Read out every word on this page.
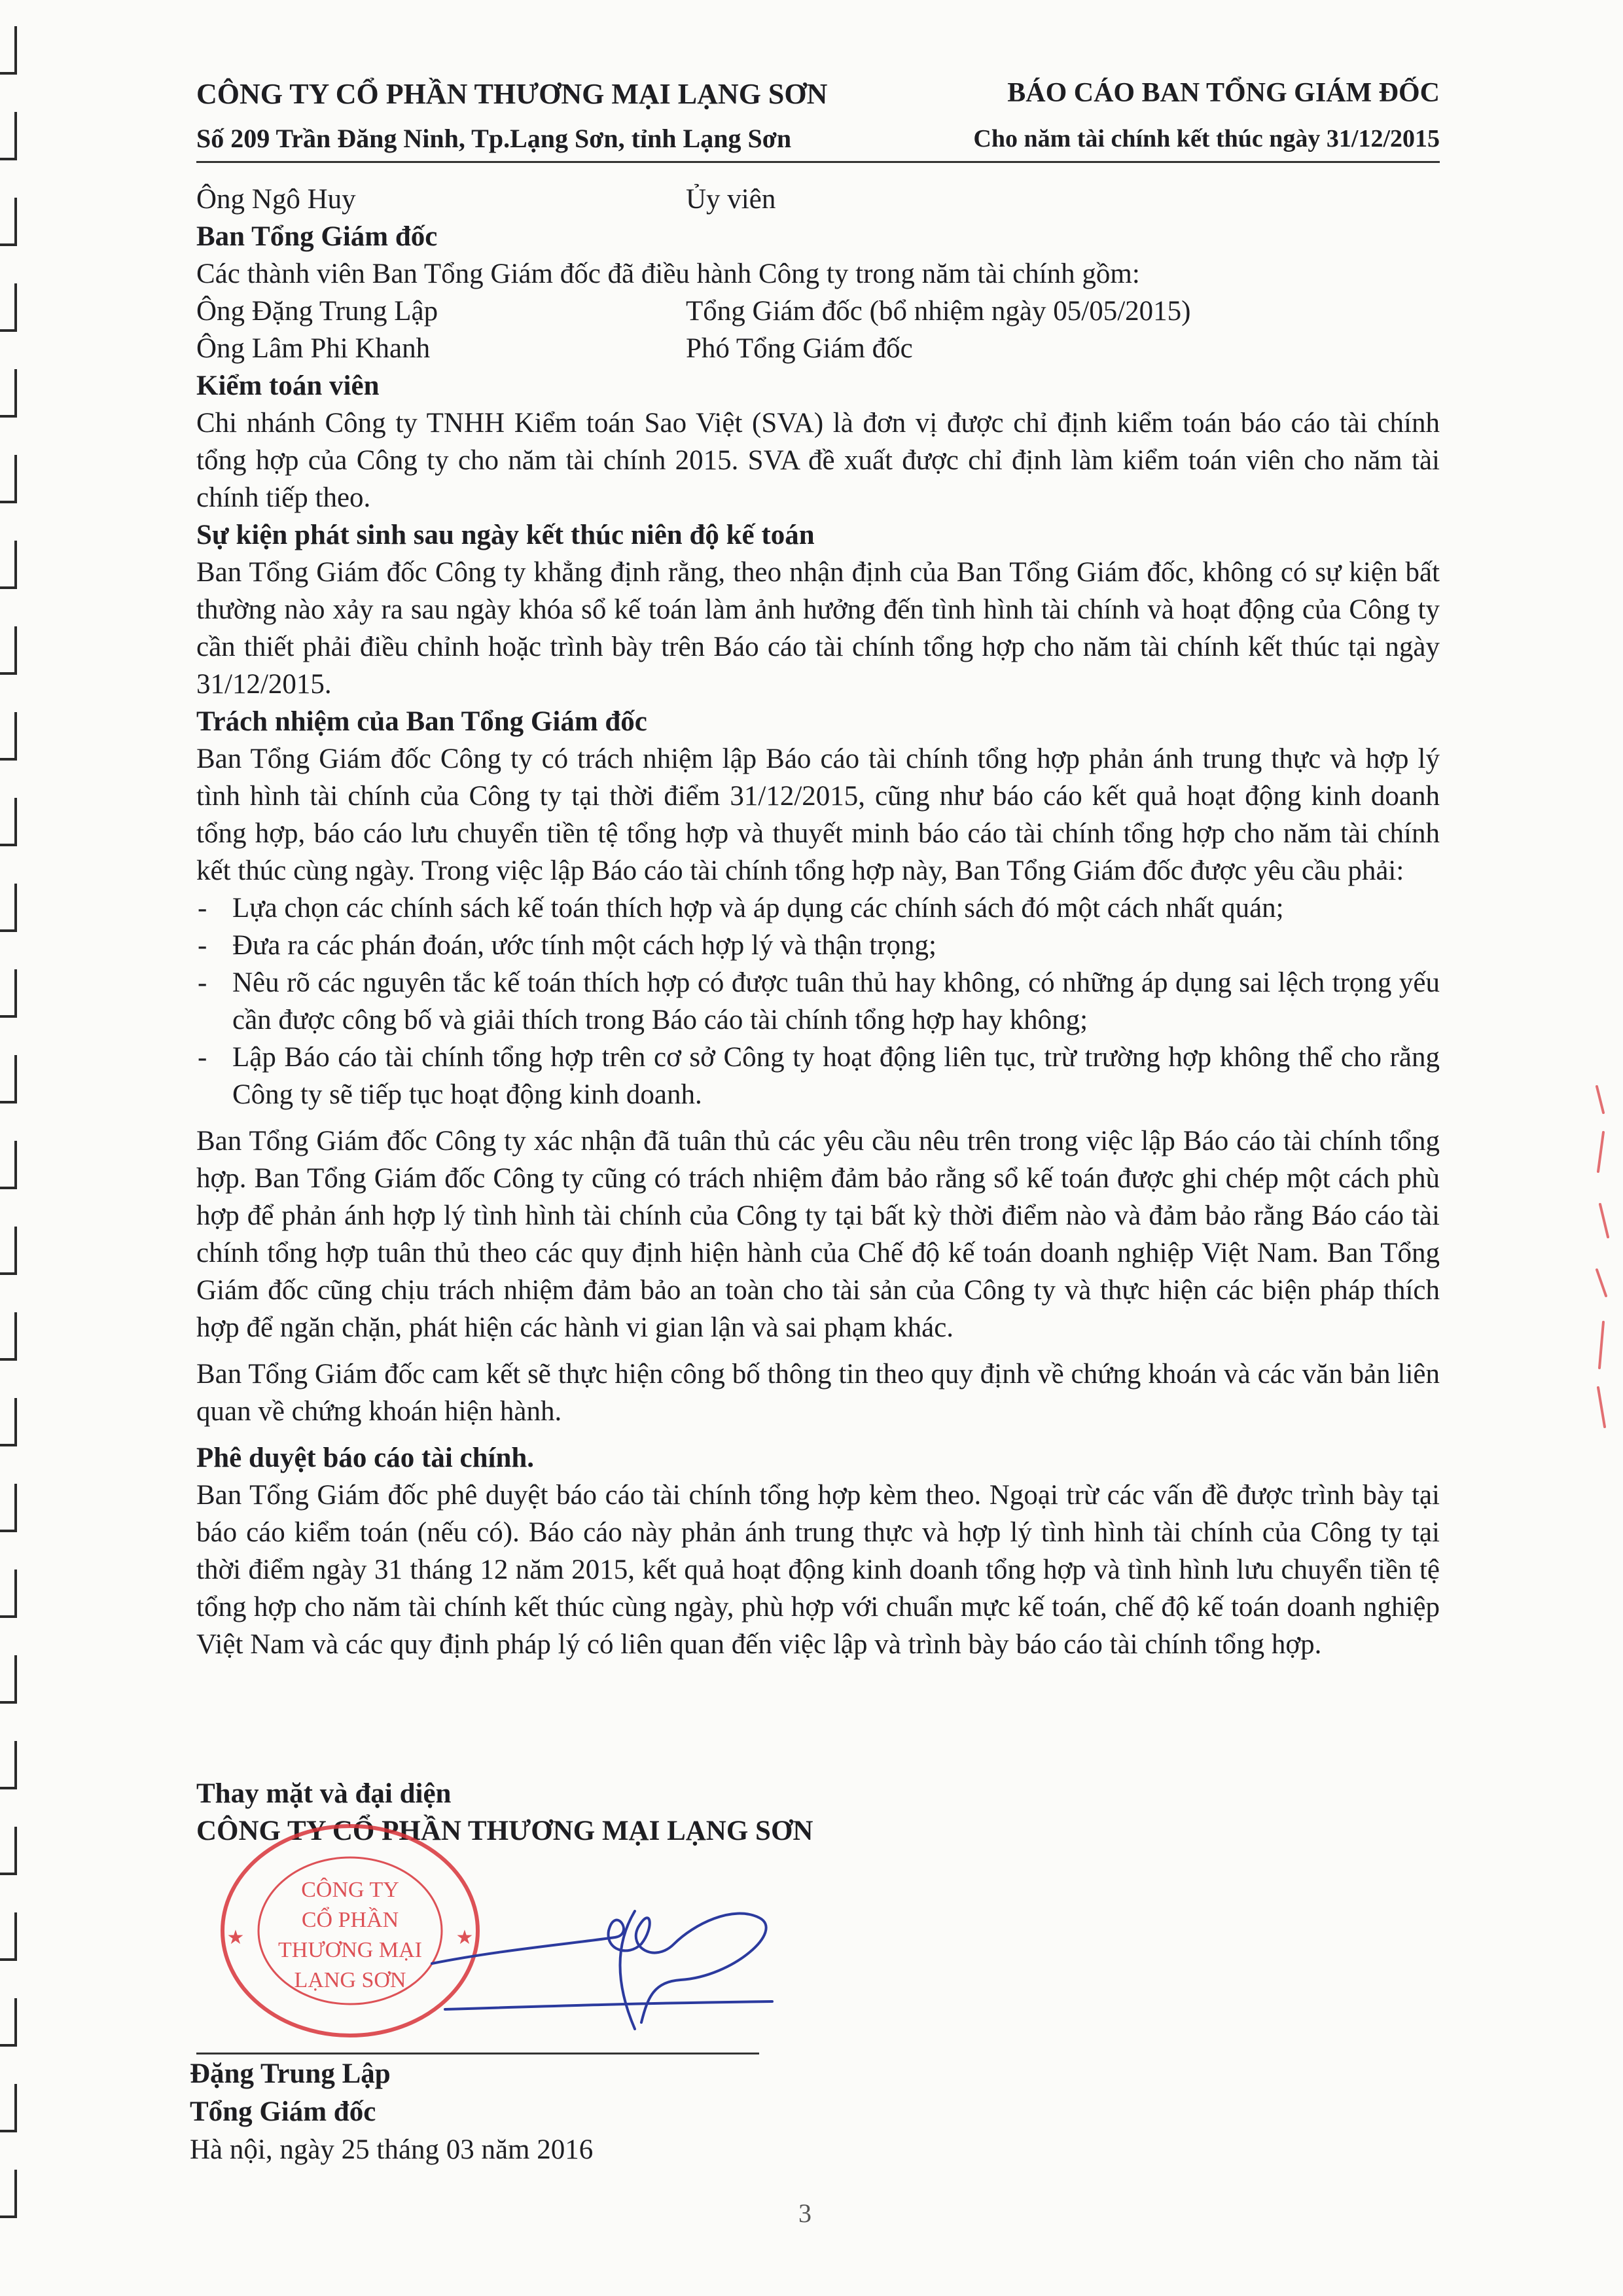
CÔNG TY CỔ PHẦN THƯƠNG MẠI LẠNG SƠN	BÁO CÁO BAN TỔNG GIÁM ĐỐC
Số 209 Trần Đăng Ninh, Tp.Lạng Sơn, tỉnh Lạng Sơn	Cho năm tài chính kết thúc ngày 31/12/2015
Ông Ngô Huy	Ủy viên
Ban Tổng Giám đốc
Các thành viên Ban Tổng Giám đốc đã điều hành Công ty trong năm tài chính gồm:
Ông Đặng Trung Lập	Tổng Giám đốc (bổ nhiệm ngày 05/05/2015)
Ông Lâm Phi Khanh	Phó Tổng Giám đốc
Kiểm toán viên
Chi nhánh Công ty TNHH Kiểm toán Sao Việt (SVA) là đơn vị được chỉ định kiểm toán báo cáo tài chính tổng hợp của Công ty cho năm tài chính 2015. SVA đề xuất được chỉ định làm kiểm toán viên cho năm tài chính tiếp theo.
Sự kiện phát sinh sau ngày kết thúc niên độ kế toán
Ban Tổng Giám đốc Công ty khẳng định rằng, theo nhận định của Ban Tổng Giám đốc, không có sự kiện bất thường nào xảy ra sau ngày khóa sổ kế toán làm ảnh hưởng đến tình hình tài chính và hoạt động của Công ty cần thiết phải điều chỉnh hoặc trình bày trên Báo cáo tài chính tổng hợp cho năm tài chính kết thúc tại ngày 31/12/2015.
Trách nhiệm của Ban Tổng Giám đốc
Ban Tổng Giám đốc Công ty có trách nhiệm lập Báo cáo tài chính tổng hợp phản ánh trung thực và hợp lý tình hình tài chính của Công ty tại thời điểm 31/12/2015, cũng như báo cáo kết quả hoạt động kinh doanh tổng hợp, báo cáo lưu chuyển tiền tệ tổng hợp và thuyết minh báo cáo tài chính tổng hợp cho năm tài chính kết thúc cùng ngày. Trong việc lập Báo cáo tài chính tổng hợp này, Ban Tổng Giám đốc được yêu cầu phải:
- Lựa chọn các chính sách kế toán thích hợp và áp dụng các chính sách đó một cách nhất quán;
- Đưa ra các phán đoán, ước tính một cách hợp lý và thận trọng;
- Nêu rõ các nguyên tắc kế toán thích hợp có được tuân thủ hay không, có những áp dụng sai lệch trọng yếu cần được công bố và giải thích trong Báo cáo tài chính tổng hợp hay không;
- Lập Báo cáo tài chính tổng hợp trên cơ sở Công ty hoạt động liên tục, trừ trường hợp không thể cho rằng Công ty sẽ tiếp tục hoạt động kinh doanh.
Ban Tổng Giám đốc Công ty xác nhận đã tuân thủ các yêu cầu nêu trên trong việc lập Báo cáo tài chính tổng hợp. Ban Tổng Giám đốc Công ty cũng có trách nhiệm đảm bảo rằng sổ kế toán được ghi chép một cách phù hợp để phản ánh hợp lý tình hình tài chính của Công ty tại bất kỳ thời điểm nào và đảm bảo rằng Báo cáo tài chính tổng hợp tuân thủ theo các quy định hiện hành của Chế độ kế toán doanh nghiệp Việt Nam. Ban Tổng Giám đốc cũng chịu trách nhiệm đảm bảo an toàn cho tài sản của Công ty và thực hiện các biện pháp thích hợp để ngăn chặn, phát hiện các hành vi gian lận và sai phạm khác.
Ban Tổng Giám đốc cam kết sẽ thực hiện công bố thông tin theo quy định về chứng khoán và các văn bản liên quan về chứng khoán hiện hành.
Phê duyệt báo cáo tài chính.
Ban Tổng Giám đốc phê duyệt báo cáo tài chính tổng hợp kèm theo. Ngoại trừ các vấn đề được trình bày tại báo cáo kiểm toán (nếu có). Báo cáo này phản ánh trung thực và hợp lý tình hình tài chính của Công ty tại thời điểm ngày 31 tháng 12 năm 2015, kết quả hoạt động kinh doanh tổng hợp và tình hình lưu chuyển tiền tệ tổng hợp cho năm tài chính kết thúc cùng ngày, phù hợp với chuẩn mực kế toán, chế độ kế toán doanh nghiệp Việt Nam và các quy định pháp lý có liên quan đến việc lập và trình bày báo cáo tài chính tổng hợp.
Thay mặt và đại diện
CÔNG TY CỔ PHẦN THƯƠNG MẠI LẠNG SƠN
CÔNG TY
CỔ PHẦN
THƯƠNG MẠI
LẠNG SƠN
★	★
Đặng Trung Lập
Tổng Giám đốc
Hà nội, ngày 25 tháng 03 năm 2016
3
